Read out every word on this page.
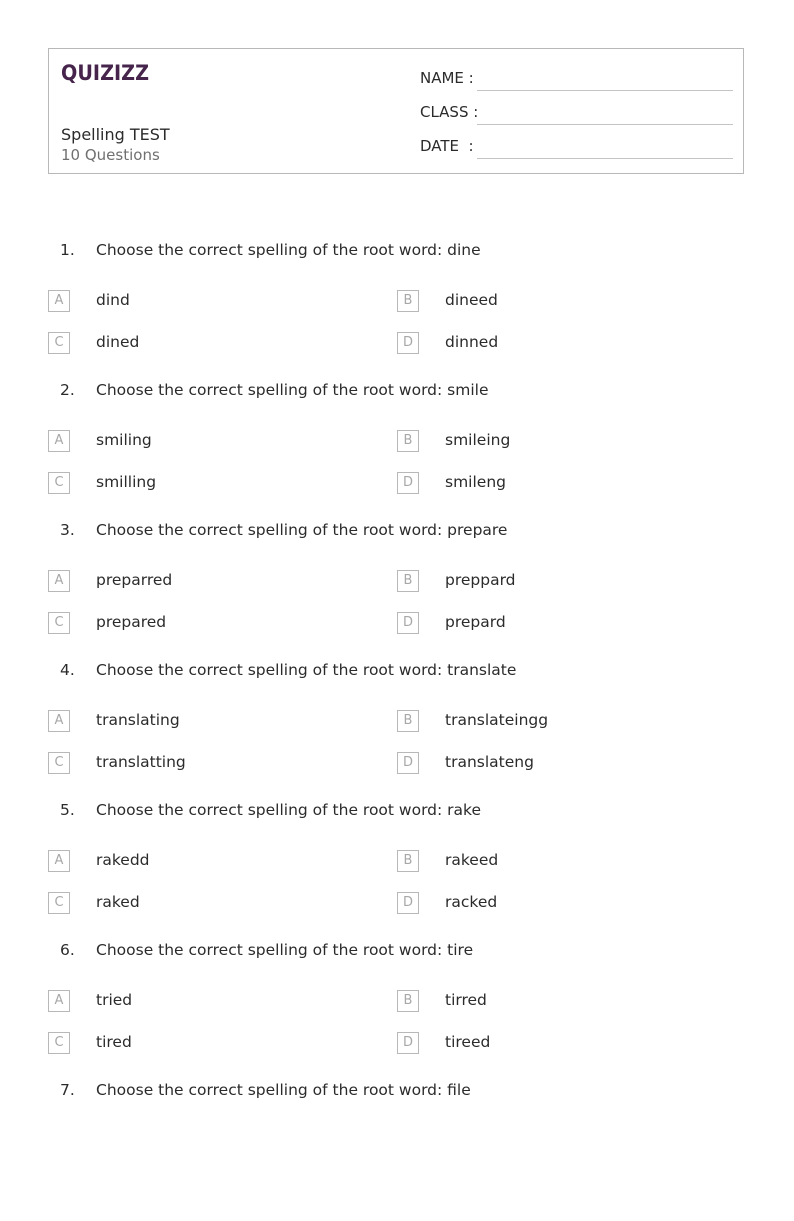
QUIZIZZ
Spelling TEST
10 Questions
NAME :
CLASS :
DATE  :
1. Choose the correct spelling of the root word: dine
A	dind	B	dineed
C	dined	D	dinned
2. Choose the correct spelling of the root word: smile
A	smiling	B	smileing
C	smilling	D	smileng
3. Choose the correct spelling of the root word: prepare
A	preparred	B	preppard
C	prepared	D	prepard
4. Choose the correct spelling of the root word: translate
A	translating	B	translateingg
C	translatting	D	translateng
5. Choose the correct spelling of the root word: rake
A	rakedd	B	rakeed
C	raked	D	racked
6. Choose the correct spelling of the root word: tire
A	tried	B	tirred
C	tired	D	tireed
7. Choose the correct spelling of the root word: file
